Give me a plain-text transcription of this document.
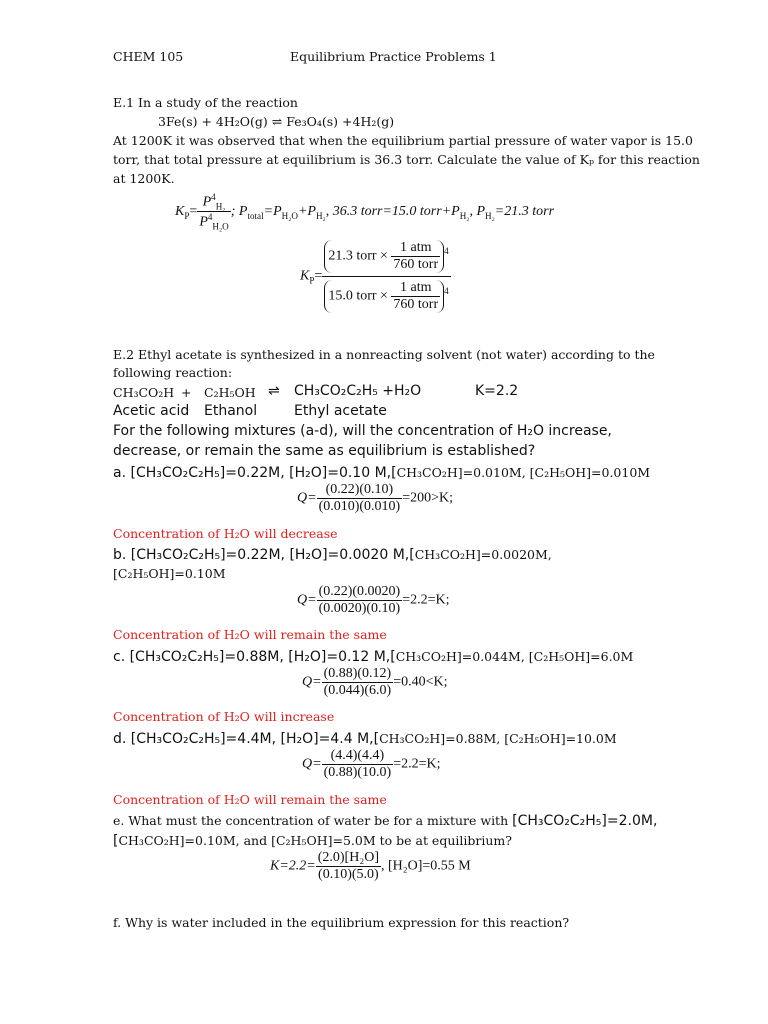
CHEM 105	Equilibrium Practice Problems 1
E.1 In a study of the reaction
3Fe(s) + 4H₂O(g) ⇌ Fe₃O₄(s) +4H₂(g)
At 1200K it was observed that when the equilibrium partial pressure of water vapor is 15.0
torr, that total pressure at equilibrium is 36.3 torr. Calculate the value of Kₚ for this reaction
at 1200K.
$K_P= \frac{P^4_{H_2}}{P^4_{H_2O}}$ ; $P_{total}=P_{H_2O}+P_{H_2}$, 36.3 torr=15.0 $torr+P_{H_2}$, $P_{H_2}=21.3$ torr
$K_P= \frac{21.3 torr \times \frac{\text{1 atm}}{\text{760 torr}} ^4}{15.0 torr \times \frac{\text{1 atm}}{\text{760 torr}} ^4}$
E.2 Ethyl acetate is synthesized in a nonreacting solvent (not water) according to the
following reaction:
CH₃CO₂H + C₂H₅OH ⇌ CH₃CO₂C₂H₅ +H₂O	K=2.2
Acetic acid Ethanol	Ethyl acetate
For the following mixtures (a-d), will the concentration of H₂O increase,
decrease, or remain the same as equilibrium is established?
a. [CH₃CO₂C₂H₅]=0.22M, [H₂O]=0.10 M,[CH₃CO₂H]=0.010M, [C₂H₅OH]=0.010M
$Q= \frac{(0.22)(0.10)}{(0.010)(0.010)} =200>K$;
Concentration of H₂O will decrease
b. [CH₃CO₂C₂H₅]=0.22M, [H₂O]=0.0020 M,[CH₃CO₂H]=0.0020M,
[C₂H₅OH]=0.10M
$Q= \frac{(0.22)(0.0020)}{(0.0020)(0.10)} =2.2=K$;
Concentration of H₂O will remain the same
c. [CH₃CO₂C₂H₅]=0.88M, [H₂O]=0.12 M,[CH₃CO₂H]=0.044M, [C₂H₅OH]=6.0M
$Q= \frac{(0.88)(0.12)}{(0.044)(6.0)} =0.40<K$;
Concentration of H₂O will increase
d. [CH₃CO₂C₂H₅]=4.4M, [H₂O]=4.4 M,[CH₃CO₂H]=0.88M, [C₂H₅OH]=10.0M
$Q= \frac{(4.4)(4.4)}{(0.88)(10.0)} =2.2=K$;
Concentration of H₂O will remain the same
e. What must the concentration of water be for a mixture with [CH₃CO₂C₂H₅]=2.0M,
[CH₃CO₂H]=0.10M, and [C₂H₅OH]=5.0M to be at equilibrium?
$K=2.2= \frac{\text{(2.0)[H₂O]}}{(0.10)(5.0)}$ , [H₂O]=0.55 M
f. Why is water included in the equilibrium expression for this reaction?
